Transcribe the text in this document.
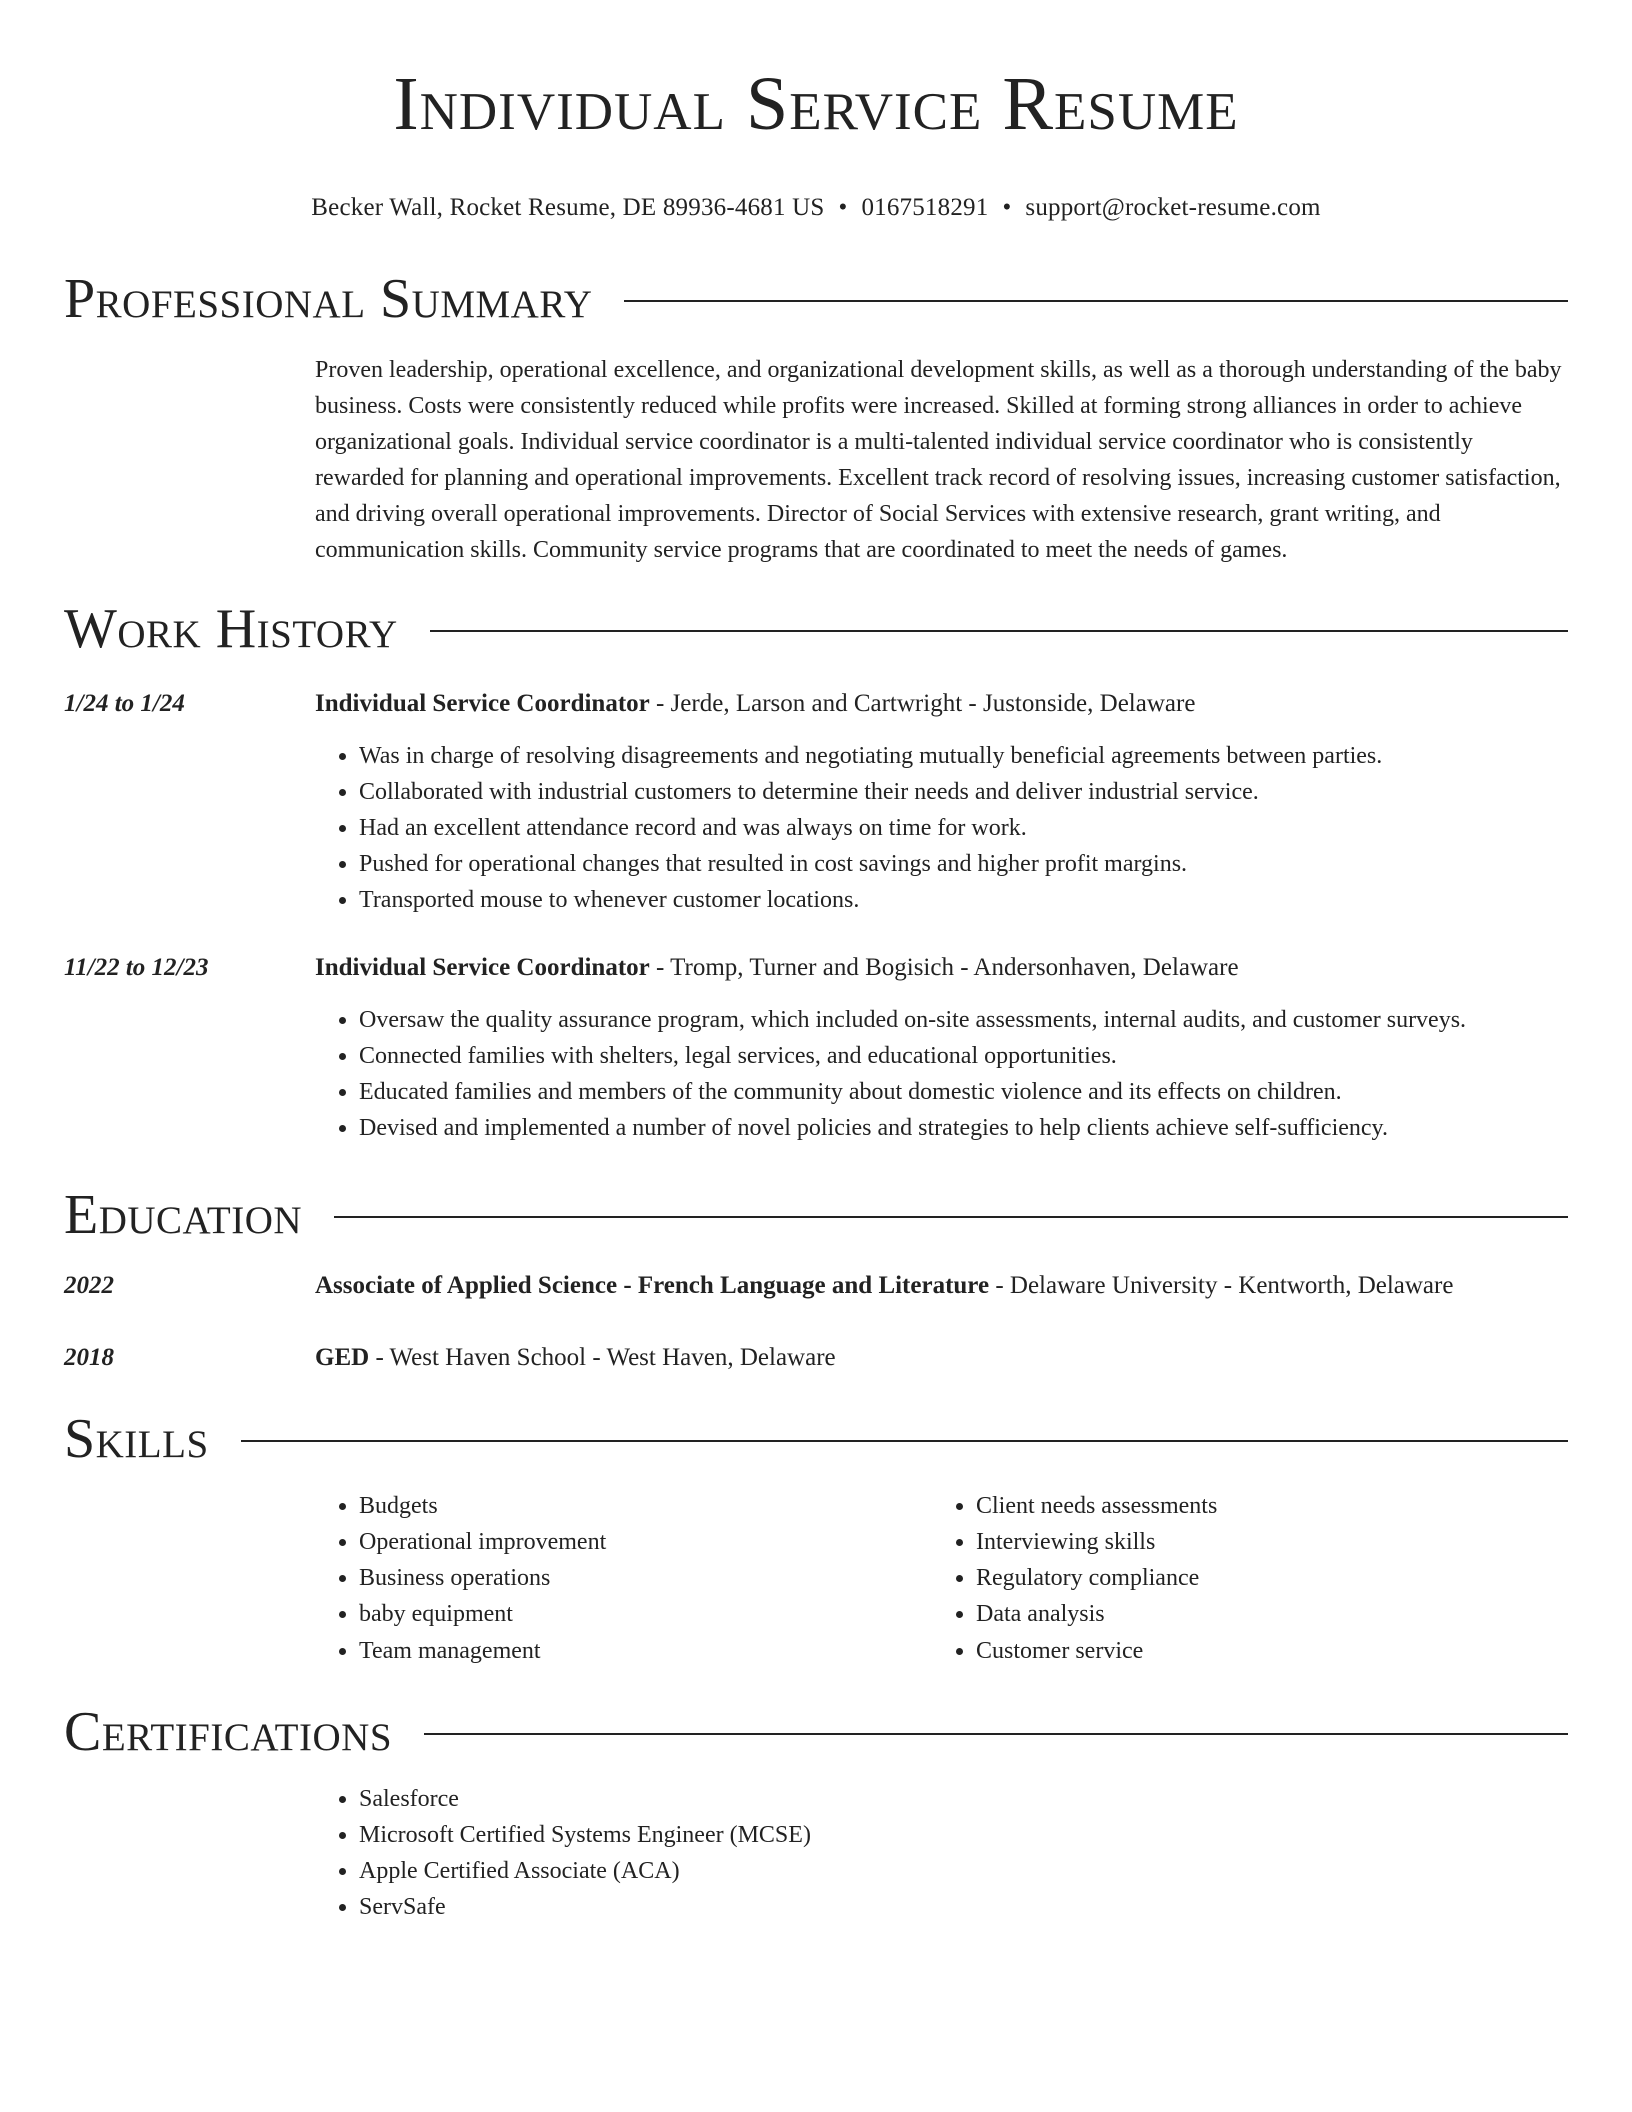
Individual Service Resume
Becker Wall, Rocket Resume, DE 89936-4681 US • 0167518291 • support@rocket-resume.com
Professional Summary
Proven leadership, operational excellence, and organizational development skills, as well as a thorough understanding of the baby business. Costs were consistently reduced while profits were increased. Skilled at forming strong alliances in order to achieve organizational goals. Individual service coordinator is a multi-talented individual service coordinator who is consistently rewarded for planning and operational improvements. Excellent track record of resolving issues, increasing customer satisfaction, and driving overall operational improvements. Director of Social Services with extensive research, grant writing, and communication skills. Community service programs that are coordinated to meet the needs of games.
Work History
1/24 to 1/24	Individual Service Coordinator - Jerde, Larson and Cartwright - Justonside, Delaware
• Was in charge of resolving disagreements and negotiating mutually beneficial agreements between parties.
• Collaborated with industrial customers to determine their needs and deliver industrial service.
• Had an excellent attendance record and was always on time for work.
• Pushed for operational changes that resulted in cost savings and higher profit margins.
• Transported mouse to whenever customer locations.
11/22 to 12/23	Individual Service Coordinator - Tromp, Turner and Bogisich - Andersonhaven, Delaware
• Oversaw the quality assurance program, which included on-site assessments, internal audits, and customer surveys.
• Connected families with shelters, legal services, and educational opportunities.
• Educated families and members of the community about domestic violence and its effects on children.
• Devised and implemented a number of novel policies and strategies to help clients achieve self-sufficiency.
Education
2022	Associate of Applied Science - French Language and Literature - Delaware University - Kentworth, Delaware
2018	GED - West Haven School - West Haven, Delaware
Skills
• Budgets
• Operational improvement
• Business operations
• baby equipment
• Team management
• Client needs assessments
• Interviewing skills
• Regulatory compliance
• Data analysis
• Customer service
Certifications
• Salesforce
• Microsoft Certified Systems Engineer (MCSE)
• Apple Certified Associate (ACA)
• ServSafe
